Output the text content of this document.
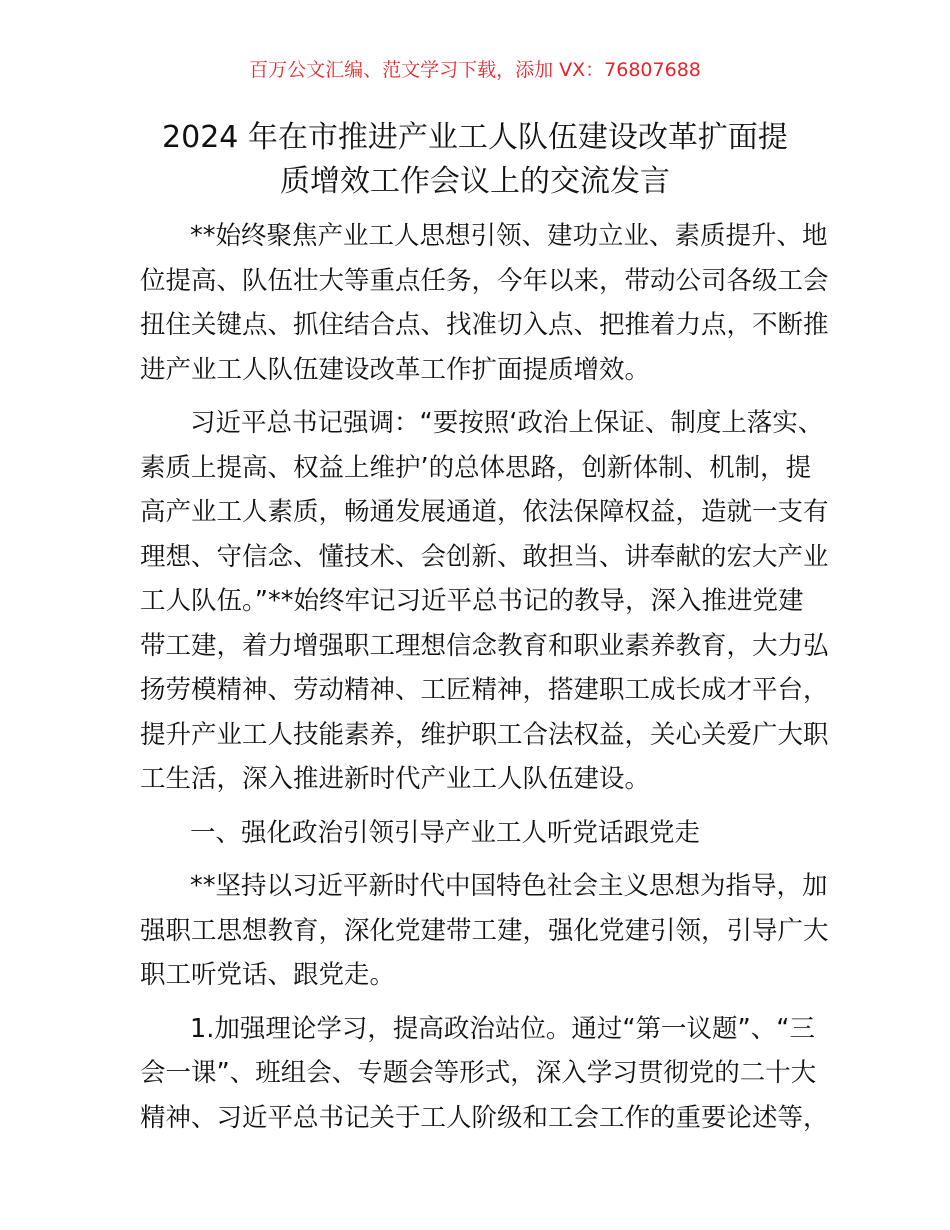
百万公文汇编、范文学习下载，添加 VX：76807688
2024 年在市推进产业工人队伍建设改革扩面提
质增效工作会议上的交流发言
**始终聚焦产业工人思想引领、建功立业、素质提升、地
位提高、队伍壮大等重点任务，今年以来，带动公司各级工会
扭住关键点、抓住结合点、找准切入点、把推着力点，不断推
进产业工人队伍建设改革工作扩面提质增效。
习近平总书记强调：“要按照‘政治上保证、制度上落实、
素质上提高、权益上维护’的总体思路，创新体制、机制，提
高产业工人素质，畅通发展通道，依法保障权益，造就一支有
理想、守信念、懂技术、会创新、敢担当、讲奉献的宏大产业
工人队伍。”**始终牢记习近平总书记的教导，深入推进党建
带工建，着力增强职工理想信念教育和职业素养教育，大力弘
扬劳模精神、劳动精神、工匠精神，搭建职工成长成才平台，
提升产业工人技能素养，维护职工合法权益，关心关爱广大职
工生活，深入推进新时代产业工人队伍建设。
一、强化政治引领引导产业工人听党话跟党走
**坚持以习近平新时代中国特色社会主义思想为指导，加
强职工思想教育，深化党建带工建，强化党建引领，引导广大
职工听党话、跟党走。
1.加强理论学习，提高政治站位。通过“第一议题”、“三
会一课”、班组会、专题会等形式，深入学习贯彻党的二十大
精神、习近平总书记关于工人阶级和工会工作的重要论述等，
